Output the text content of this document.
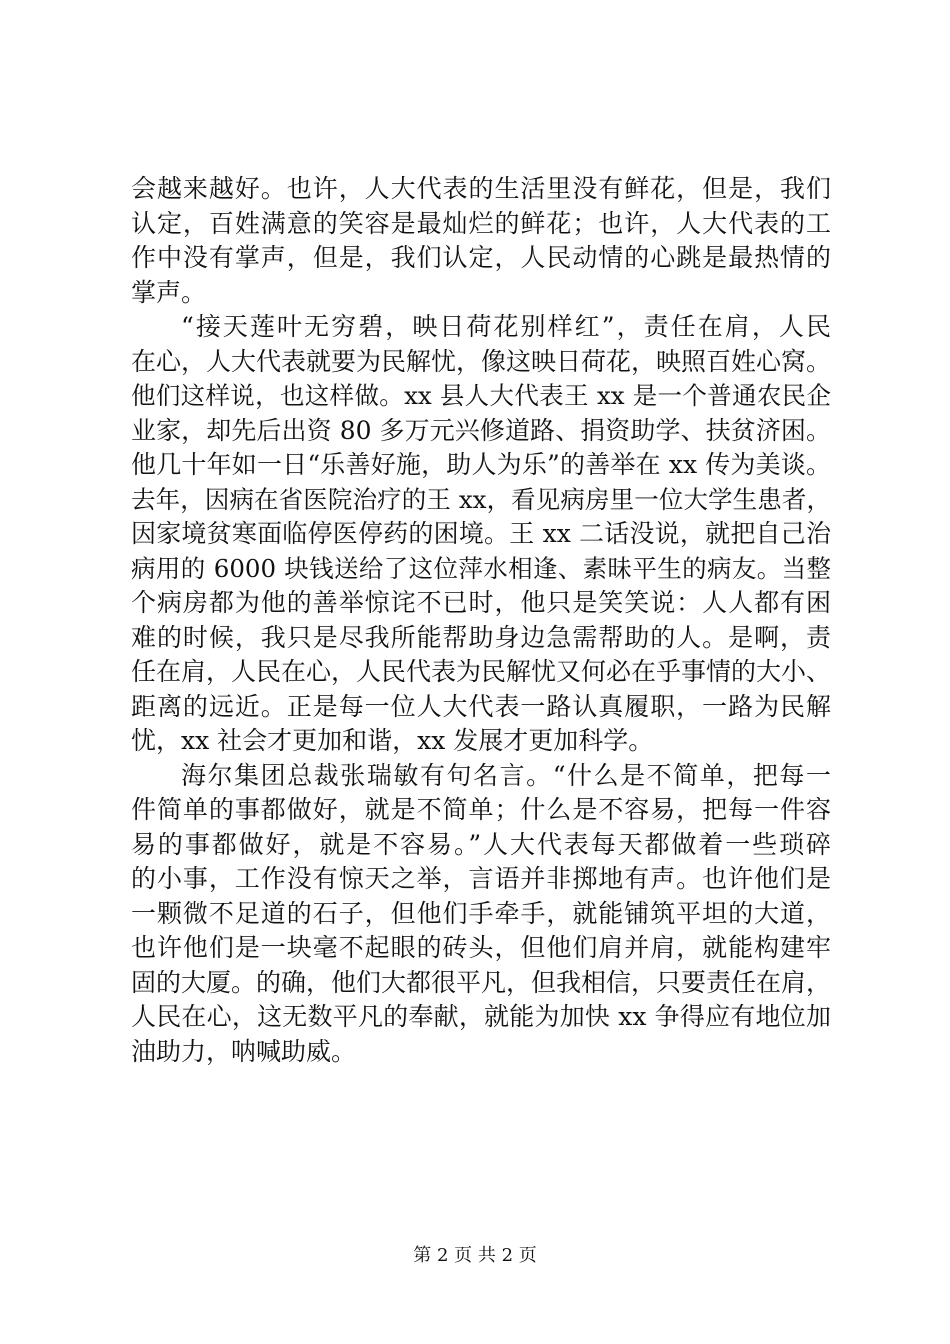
会越来越好。也许，人大代表的生活里没有鲜花，但是，我们
认定，百姓满意的笑容是最灿烂的鲜花；也许，人大代表的工
作中没有掌声，但是，我们认定，人民动情的心跳是最热情的
掌声。
“接天莲叶无穷碧，映日荷花别样红”，责任在肩，人民
在心，人大代表就要为民解忧，像这映日荷花，映照百姓心窝。
他们这样说，也这样做。xx 县人大代表王 xx 是一个普通农民企
业家，却先后出资 80 多万元兴修道路、捐资助学、扶贫济困。
他几十年如一日“乐善好施，助人为乐”的善举在 xx 传为美谈。
去年，因病在省医院治疗的王 xx，看见病房里一位大学生患者，
因家境贫寒面临停医停药的困境。王 xx 二话没说，就把自己治
病用的 6000 块钱送给了这位萍水相逢、素昧平生的病友。当整
个病房都为他的善举惊诧不已时，他只是笑笑说：人人都有困
难的时候，我只是尽我所能帮助身边急需帮助的人。是啊，责
任在肩，人民在心，人民代表为民解忧又何必在乎事情的大小、
距离的远近。正是每一位人大代表一路认真履职，一路为民解
忧，xx 社会才更加和谐，xx 发展才更加科学。
海尔集团总裁张瑞敏有句名言。“什么是不简单，把每一
件简单的事都做好，就是不简单；什么是不容易，把每一件容
易的事都做好，就是不容易。”人大代表每天都做着一些琐碎
的小事，工作没有惊天之举，言语并非掷地有声。也许他们是
一颗微不足道的石子，但他们手牵手，就能铺筑平坦的大道，
也许他们是一块毫不起眼的砖头，但他们肩并肩，就能构建牢
固的大厦。的确，他们大都很平凡，但我相信，只要责任在肩，
人民在心，这无数平凡的奉献，就能为加快 xx 争得应有地位加
油助力，呐喊助威。
第 2 页 共 2 页
